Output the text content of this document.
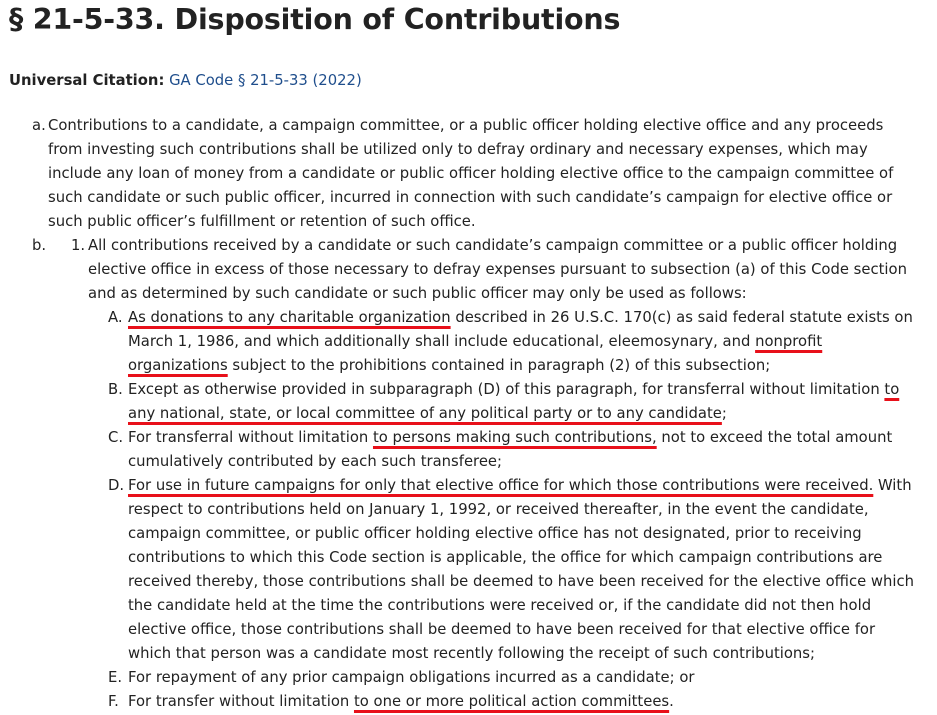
§ 21-5-33. Disposition of Contributions
Universal Citation: GA Code § 21-5-33 (2022)
a. Contributions to a candidate, a campaign committee, or a public officer holding elective office and any proceeds
from investing such contributions shall be utilized only to defray ordinary and necessary expenses, which may
include any loan of money from a candidate or public officer holding elective office to the campaign committee of
such candidate or such public officer, incurred in connection with such candidate’s campaign for elective office or
such public officer’s fulfillment or retention of such office.
b. 1. All contributions received by a candidate or such candidate’s campaign committee or a public officer holding
elective office in excess of those necessary to defray expenses pursuant to subsection (a) of this Code section
and as determined by such candidate or such public officer may only be used as follows:
A. As donations to any charitable organization described in 26 U.S.C. 170(c) as said federal statute exists on
March 1, 1986, and which additionally shall include educational, eleemosynary, and nonprofit
organizations subject to the prohibitions contained in paragraph (2) of this subsection;
B. Except as otherwise provided in subparagraph (D) of this paragraph, for transferral without limitation to
any national, state, or local committee of any political party or to any candidate;
C. For transferral without limitation to persons making such contributions, not to exceed the total amount
cumulatively contributed by each such transferee;
D. For use in future campaigns for only that elective office for which those contributions were received. With
respect to contributions held on January 1, 1992, or received thereafter, in the event the candidate,
campaign committee, or public officer holding elective office has not designated, prior to receiving
contributions to which this Code section is applicable, the office for which campaign contributions are
received thereby, those contributions shall be deemed to have been received for the elective office which
the candidate held at the time the contributions were received or, if the candidate did not then hold
elective office, those contributions shall be deemed to have been received for that elective office for
which that person was a candidate most recently following the receipt of such contributions;
E. For repayment of any prior campaign obligations incurred as a candidate; or
F. For transfer without limitation to one or more political action committees.
